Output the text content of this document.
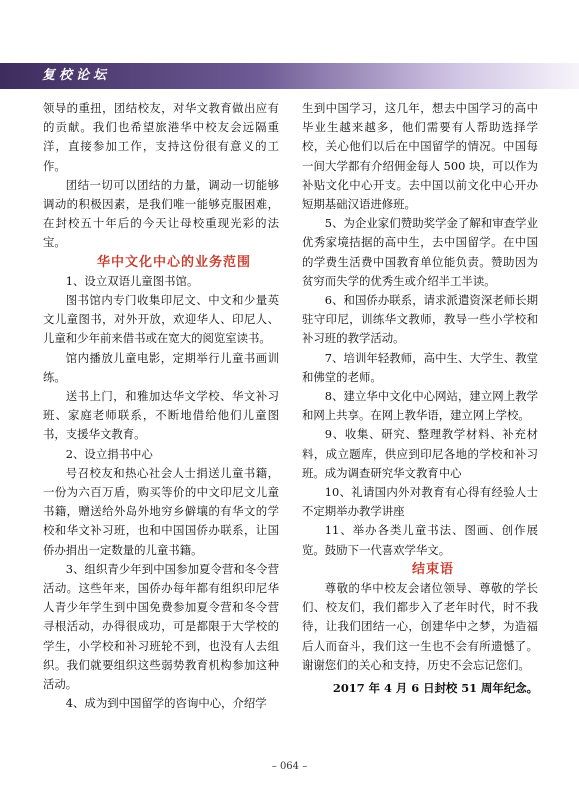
复校论坛

领导的重扭，团结校友，对华文教育做出应有的贡献。我们也希望旅港华中校友会远隔重洋，直接参加工作，支持这份很有意义的工作。

团结一切可以团结的力量，调动一切能够调动的积极因素，是我们唯一能够克服困难，在封校五十年后的今天让母校重现光彩的法宝。

华中文化中心的业务范围

1、设立双语儿童图书馆。

图书馆内专门收集印尼文、中文和少量英文儿童图书，对外开放，欢迎华人、印尼人、儿童和少年前来借书或在宽大的阅览室读书。

馆内播放儿童电影，定期举行儿童书画训练。

送书上门，和雅加达华文学校、华文补习班、家庭老师联系，不断地借给他们儿童图书，支援华文教育。

2、设立捐书中心

号召校友和热心社会人士捐送儿童书籍，一份为六百万盾，购买等价的中文印尼文儿童书籍，赠送给外岛外地穷乡僻壤的有华文的学校和华文补习班，也和中国国侨办联系，让国侨办捐出一定数量的儿童书籍。

3、组织青少年到中国参加夏令营和冬令营活动。这些年来，国侨办每年都有组织印尼华人青少年学生到中国免费参加夏令营和冬令营寻根活动，办得很成功，可是都限于大学校的学生，小学校和补习班轮不到，也没有人去组织。我们就要组织这些弱势教育机构参加这种活动。

4、成为到中国留学的咨询中心，介绍学

生到中国学习，这几年，想去中国学习的高中毕业生越来越多，他们需要有人帮助选择学校，关心他们以后在中国留学的情况。中国每一间大学都有介绍佣金每人 500 块，可以作为补贴文化中心开支。去中国以前文化中心开办短期基础汉语进修班。

5、为企业家们赞助奖学金了解和审查学业优秀家境拮据的高中生，去中国留学。在中国的学费生活费中国教育单位能负责。赞助因为贫穷而失学的优秀生或介绍半工半读。

6、和国侨办联系，请求派遣资深老师长期驻守印尼，训练华文教师，教导一些小学校和补习班的教学活动。

7、培训年轻教师，高中生、大学生、教堂和佛堂的老师。

8、建立华中文化中心网站，建立网上教学和网上共享。在网上教华语，建立网上学校。

9、收集、研究、整理教学材料、补充材料，成立题库，供应到印尼各地的学校和补习班。成为调查研究华文教育中心

10、礼请国内外对教育有心得有经验人士不定期举办教学讲座

11、举办各类儿童书法、图画、创作展览。鼓励下一代喜欢学华文。

结束语

尊敬的华中校友会诸位领导、尊敬的学长们、校友们，我们都步入了老年时代，时不我待，让我们团结一心，创建华中之梦，为造福后人而奋斗，我们这一生也不会有所遗憾了。谢谢您们的关心和支持，历史不会忘记您们。

2017 年 4 月 6 日封校 51 周年纪念。

– 064 –
